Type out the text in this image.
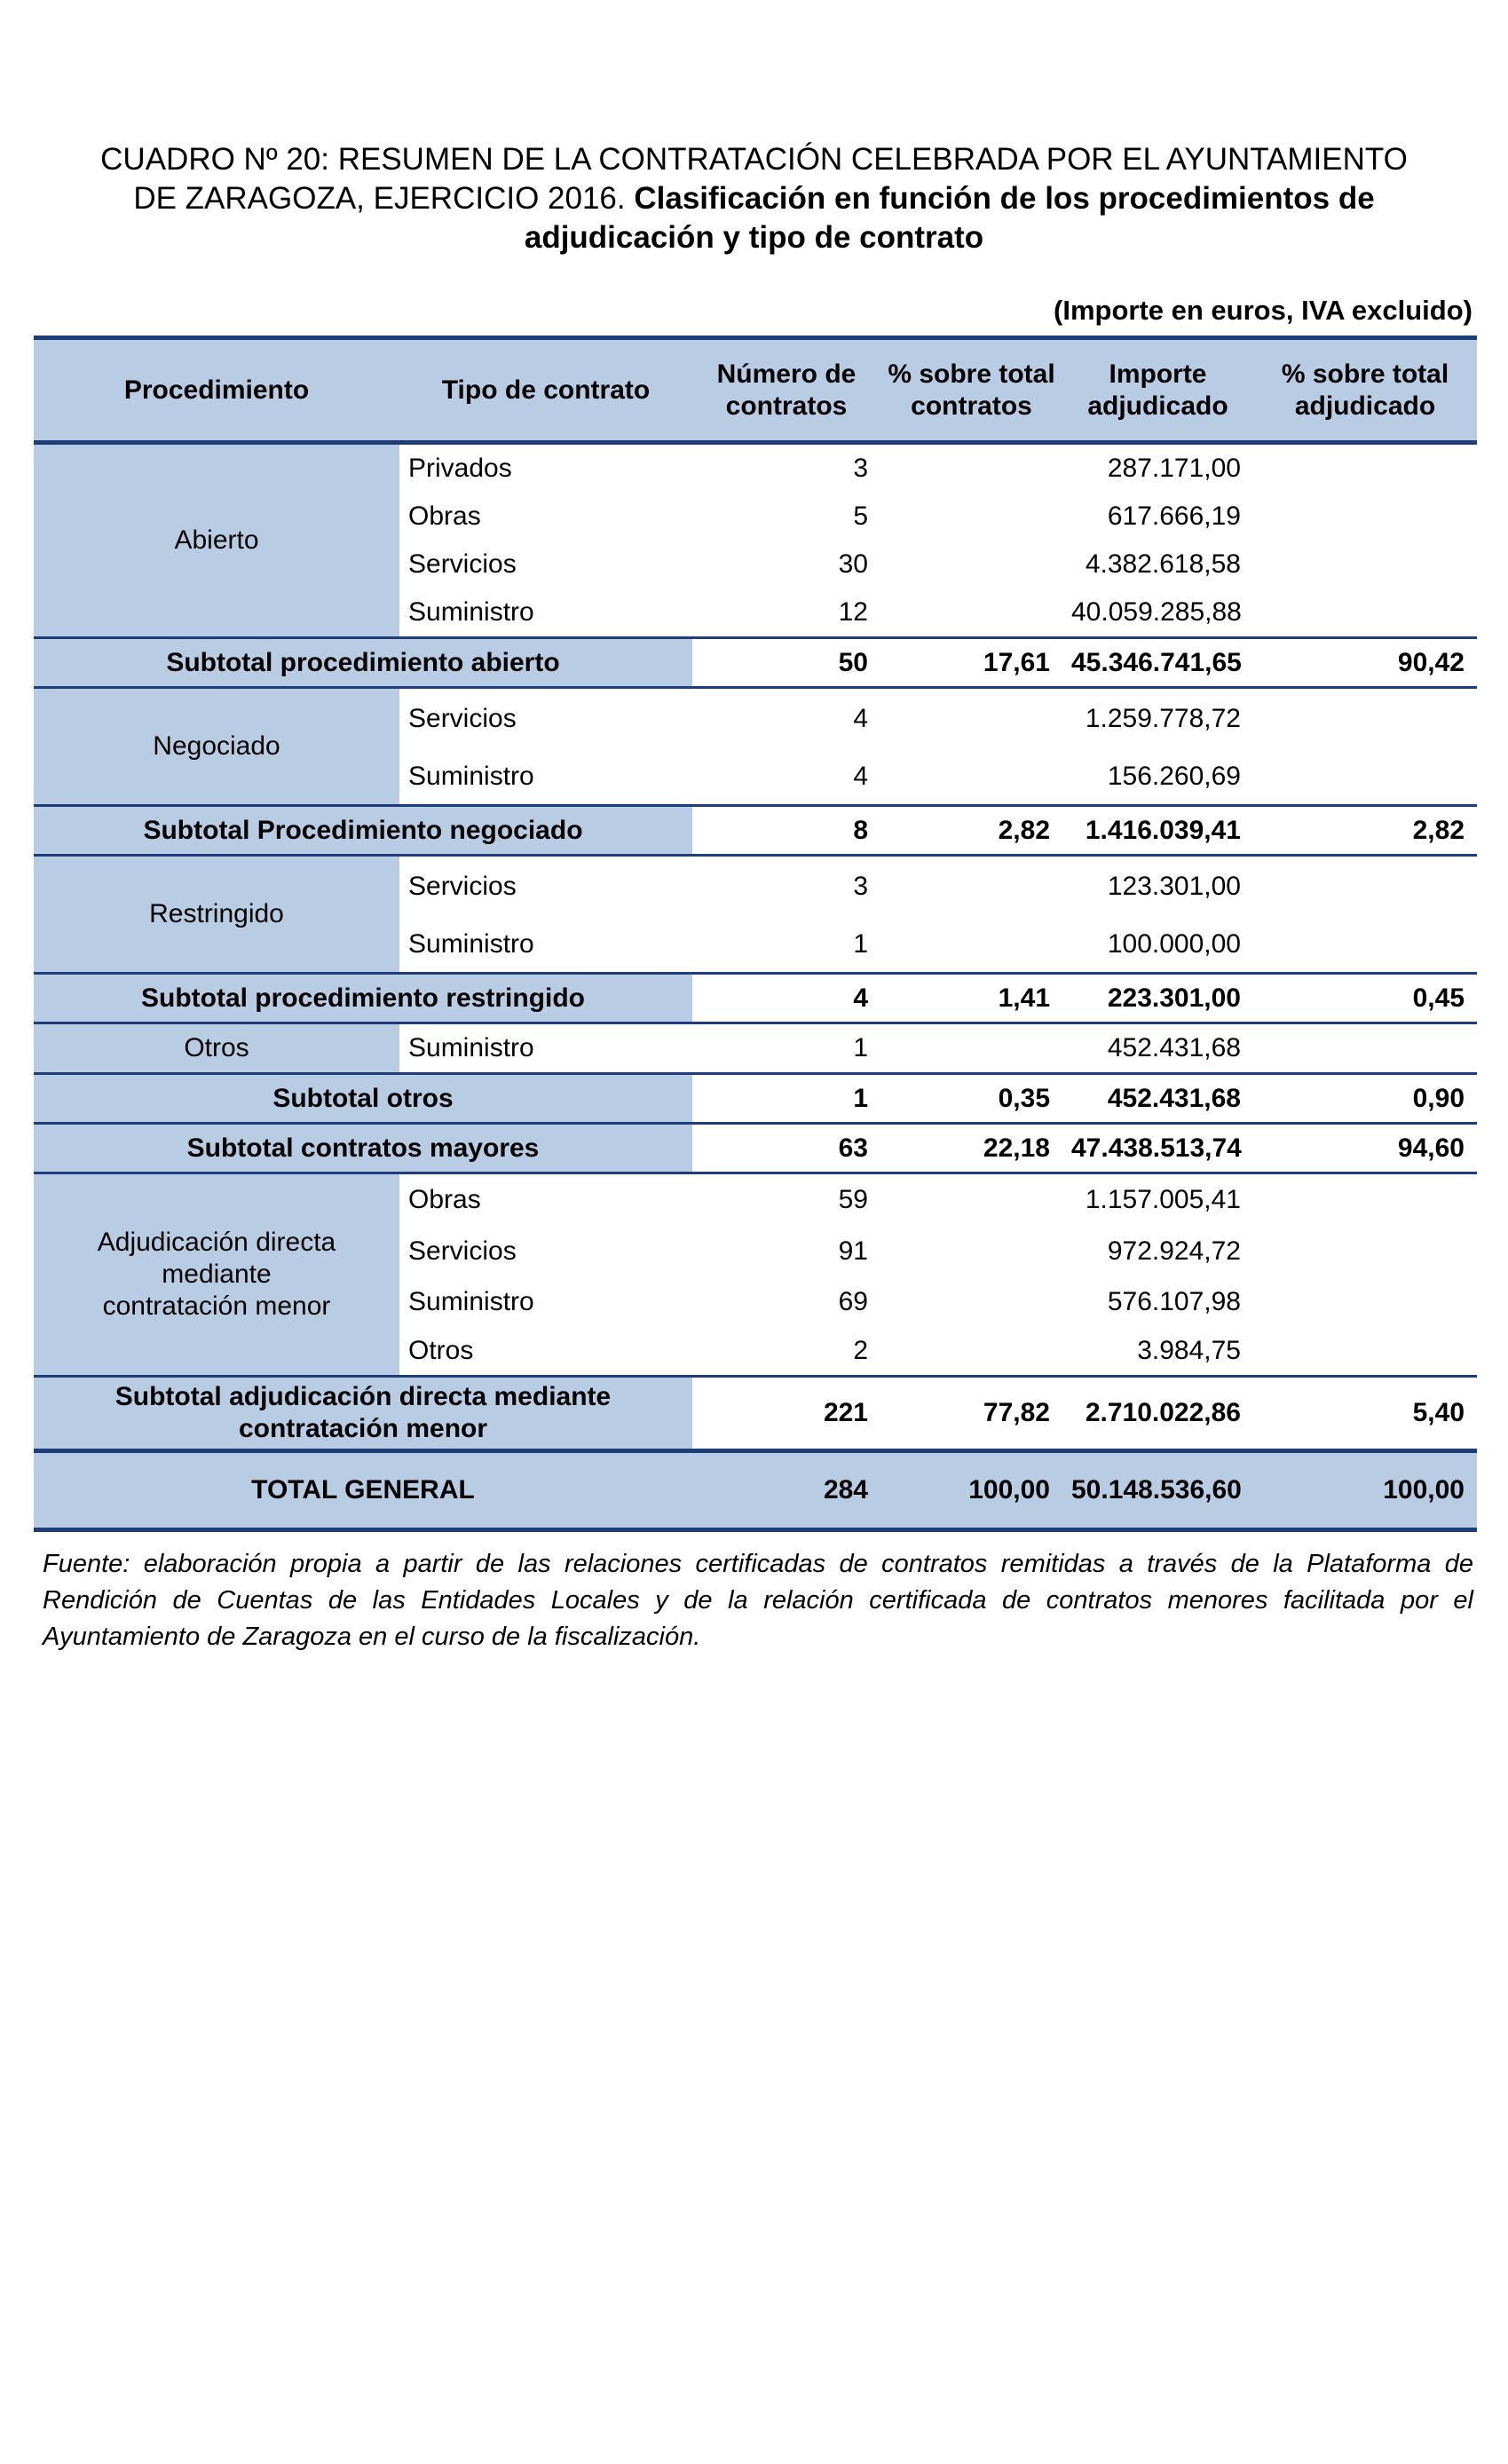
CUADRO Nº 20: RESUMEN DE LA CONTRATACIÓN CELEBRADA POR EL AYUNTAMIENTO
DE ZARAGOZA, EJERCICIO 2016. Clasificación en función de los procedimientos de
adjudicación y tipo de contrato
(Importe en euros, IVA excluido)
Procedimiento	Tipo de contrato	Número de contratos	% sobre total contratos	Importe adjudicado	% sobre total adjudicado
Abierto	Privados	3		287.171,00	
	Obras	5		617.666,19	
	Servicios	30		4.382.618,58	
	Suministro	12		40.059.285,88	
Subtotal procedimiento abierto		50	17,61	45.346.741,65	90,42
Negociado	Servicios	4		1.259.778,72	
	Suministro	4		156.260,69	
Subtotal Procedimiento negociado		8	2,82	1.416.039,41	2,82
Restringido	Servicios	3		123.301,00	
	Suministro	1		100.000,00	
Subtotal procedimiento restringido		4	1,41	223.301,00	0,45
Otros	Suministro	1		452.431,68	
Subtotal otros		1	0,35	452.431,68	0,90
Subtotal contratos mayores		63	22,18	47.438.513,74	94,60
Adjudicación directa mediante contratación menor	Obras	59		1.157.005,41	
	Servicios	91		972.924,72	
	Suministro	69		576.107,98	
	Otros	2		3.984,75	
Subtotal adjudicación directa mediante contratación menor		221	77,82	2.710.022,86	5,40
TOTAL GENERAL		284	100,00	50.148.536,60	100,00
Fuente: elaboración propia a partir de las relaciones certificadas de contratos remitidas a través de la Plataforma de Rendición de Cuentas de las Entidades Locales y de la relación certificada de contratos menores facilitada por el Ayuntamiento de Zaragoza en el curso de la fiscalización.
